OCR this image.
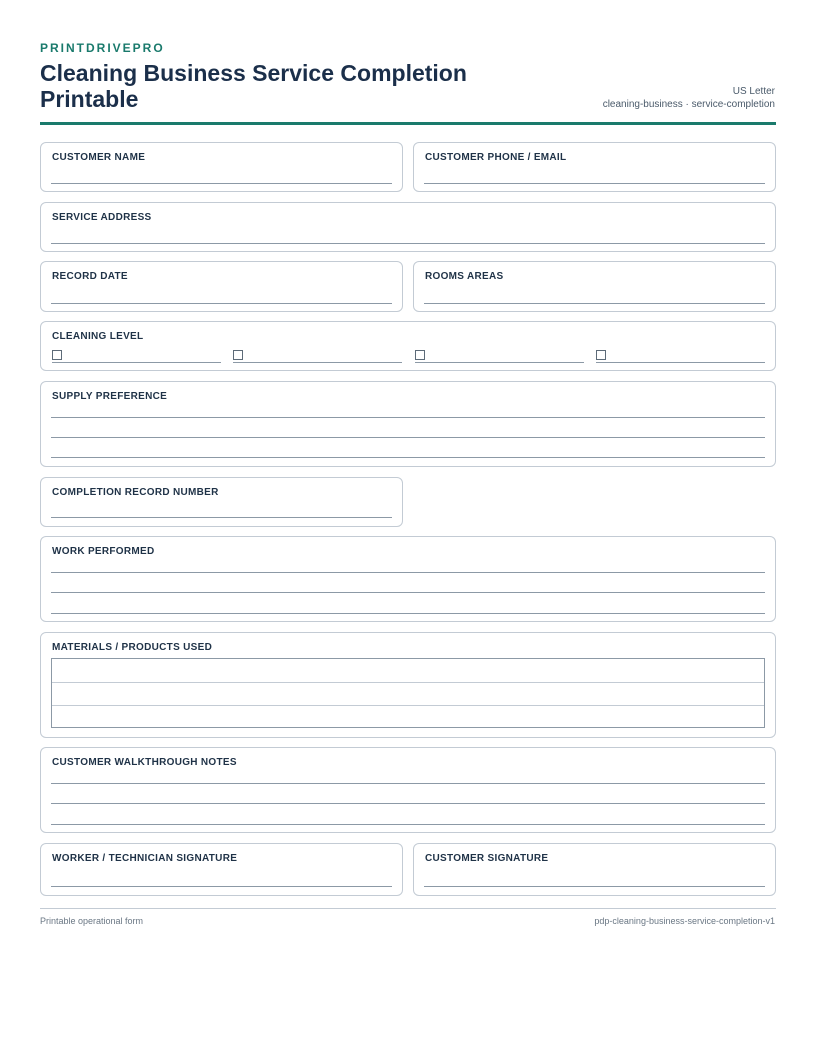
PRINTDRIVEPRO
Cleaning Business Service Completion Printable	US Letter
cleaning-business · service-completion
CUSTOMER NAME	CUSTOMER PHONE / EMAIL
SERVICE ADDRESS
RECORD DATE	ROOMS AREAS
CLEANING LEVEL
SUPPLY PREFERENCE
COMPLETION RECORD NUMBER
WORK PERFORMED
MATERIALS / PRODUCTS USED
CUSTOMER WALKTHROUGH NOTES
WORKER / TECHNICIAN SIGNATURE	CUSTOMER SIGNATURE
Printable operational form	pdp-cleaning-business-service-completion-v1
